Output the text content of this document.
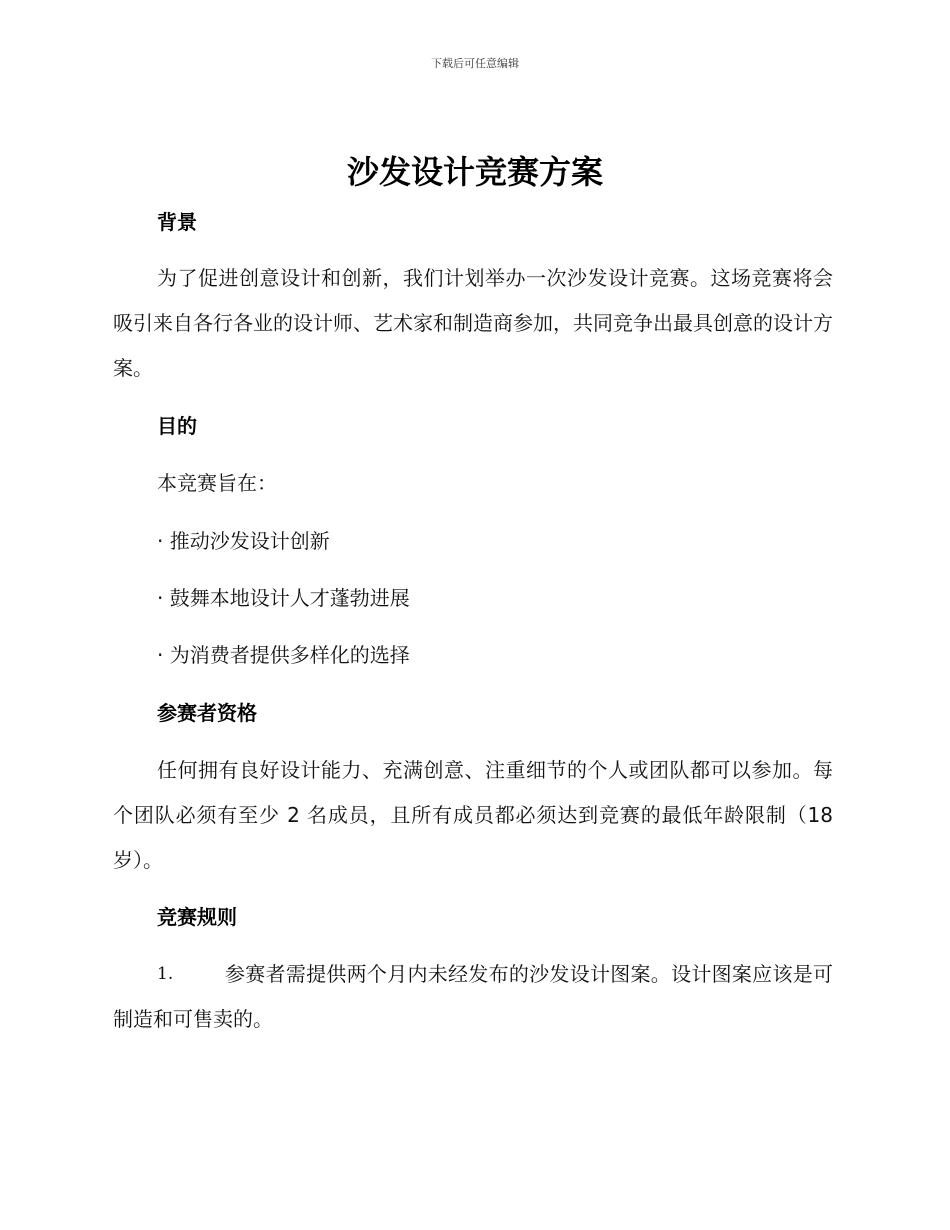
下载后可任意编辑
沙发设计竞赛方案
背景

为了促进创意设计和创新，我们计划举办一次沙发设计竞赛。这场竞赛将会吸引来自各行各业的设计师、艺术家和制造商参加，共同竞争出最具创意的设计方案。

目的

本竞赛旨在：

· 推动沙发设计创新

· 鼓舞本地设计人才蓬勃进展

· 为消费者提供多样化的选择

参赛者资格

任何拥有良好设计能力、充满创意、注重细节的个人或团队都可以参加。每个团队必须有至少 2 名成员，且所有成员都必须达到竞赛的最低年龄限制（18 岁）。

竞赛规则
1.	参赛者需提供两个月内未经发布的沙发设计图案。设计图案应该是可制造和可售卖的。
